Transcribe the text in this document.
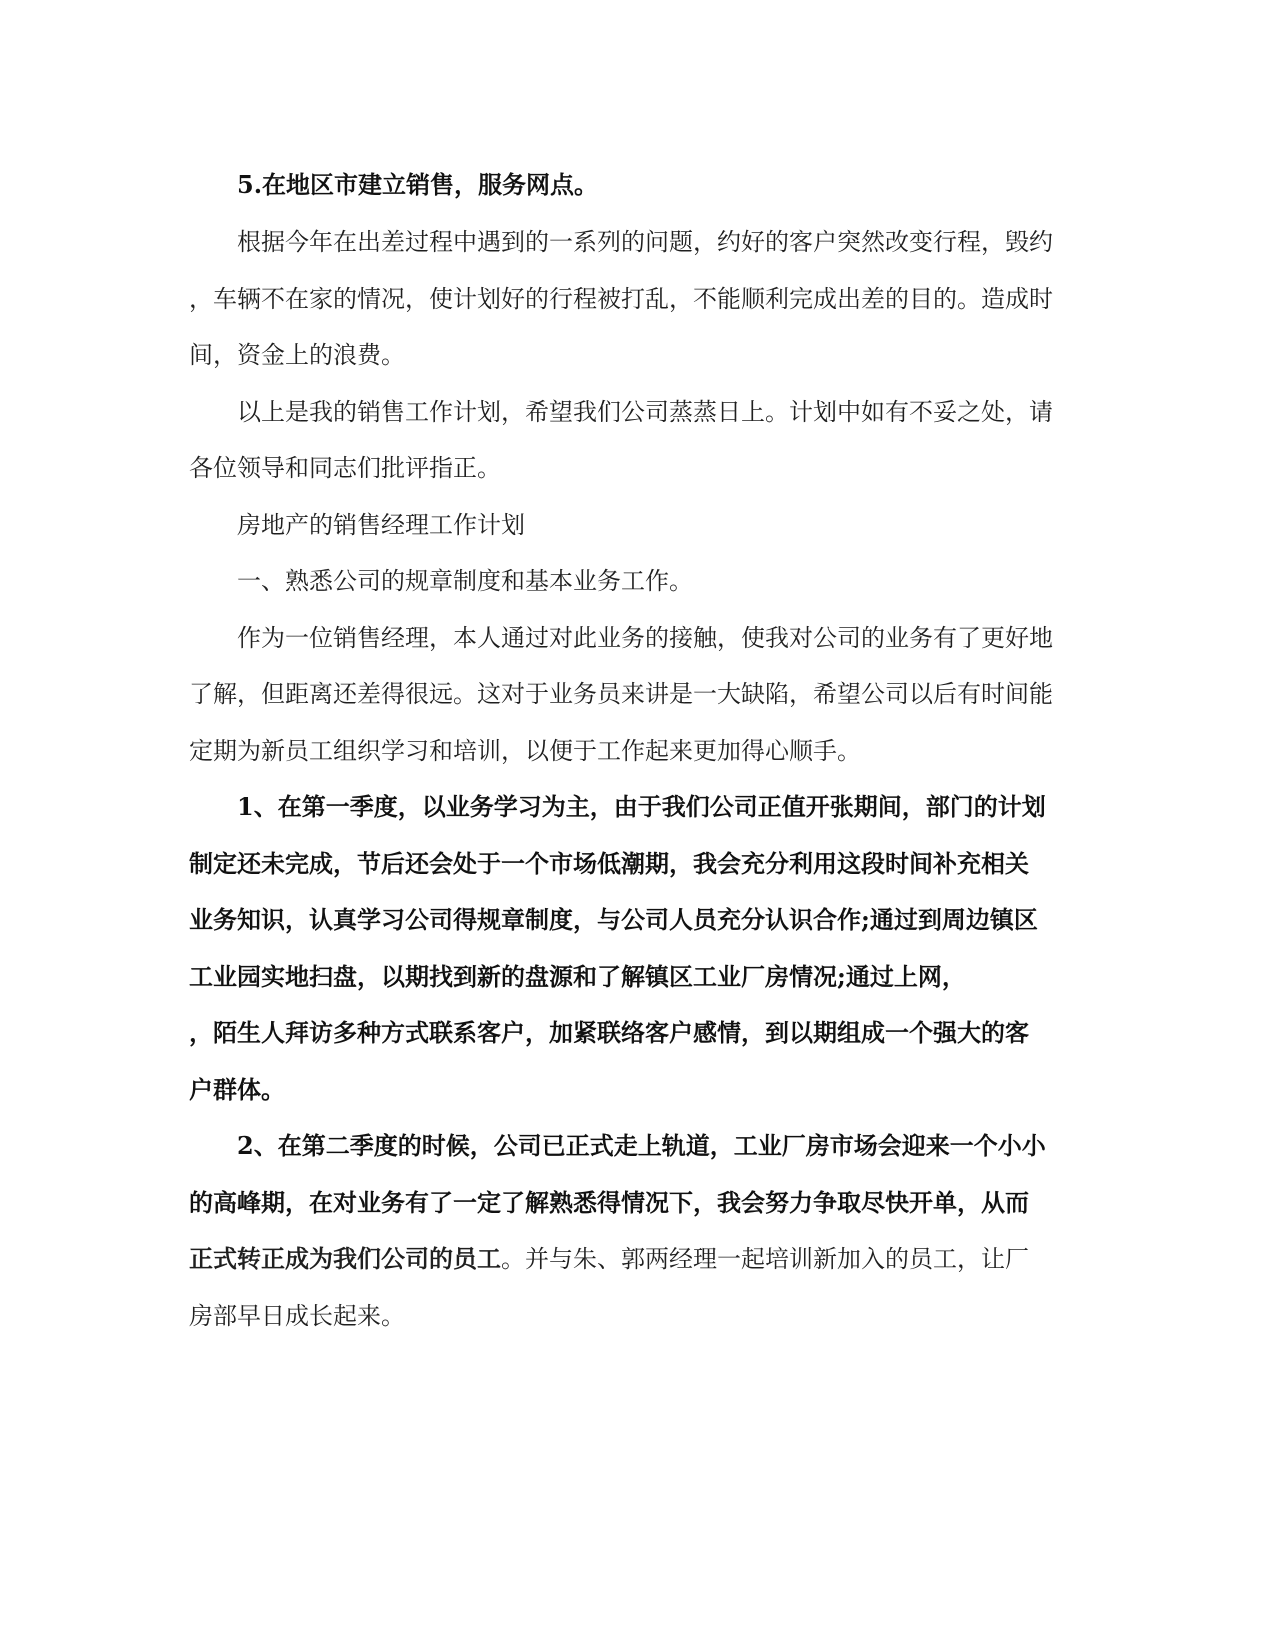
5.在地区市建立销售，服务网点。

根据今年在出差过程中遇到的一系列的问题，约好的客户突然改变行程，毁约

，车辆不在家的情况，使计划好的行程被打乱，不能顺利完成出差的目的。造成时

间，资金上的浪费。

以上是我的销售工作计划，希望我们公司蒸蒸日上。计划中如有不妥之处，请

各位领导和同志们批评指正。

房地产的销售经理工作计划

一、熟悉公司的规章制度和基本业务工作。

作为一位销售经理，本人通过对此业务的接触，使我对公司的业务有了更好地

了解，但距离还差得很远。这对于业务员来讲是一大缺陷，希望公司以后有时间能

定期为新员工组织学习和培训，以便于工作起来更加得心顺手。

1、在第一季度，以业务学习为主，由于我们公司正值开张期间，部门的计划

制定还未完成，节后还会处于一个市场低潮期，我会充分利用这段时间补充相关

业务知识，认真学习公司得规章制度，与公司人员充分认识合作;通过到周边镇区

工业园实地扫盘，以期找到新的盘源和了解镇区工业厂房情况;通过上网，

，陌生人拜访多种方式联系客户，加紧联络客户感情，到以期组成一个强大的客

户群体。

2、在第二季度的时候，公司已正式走上轨道，工业厂房市场会迎来一个小小

的高峰期，在对业务有了一定了解熟悉得情况下，我会努力争取尽快开单，从而

正式转正成为我们公司的员工。并与朱、郭两经理一起培训新加入的员工，让厂

房部早日成长起来。
